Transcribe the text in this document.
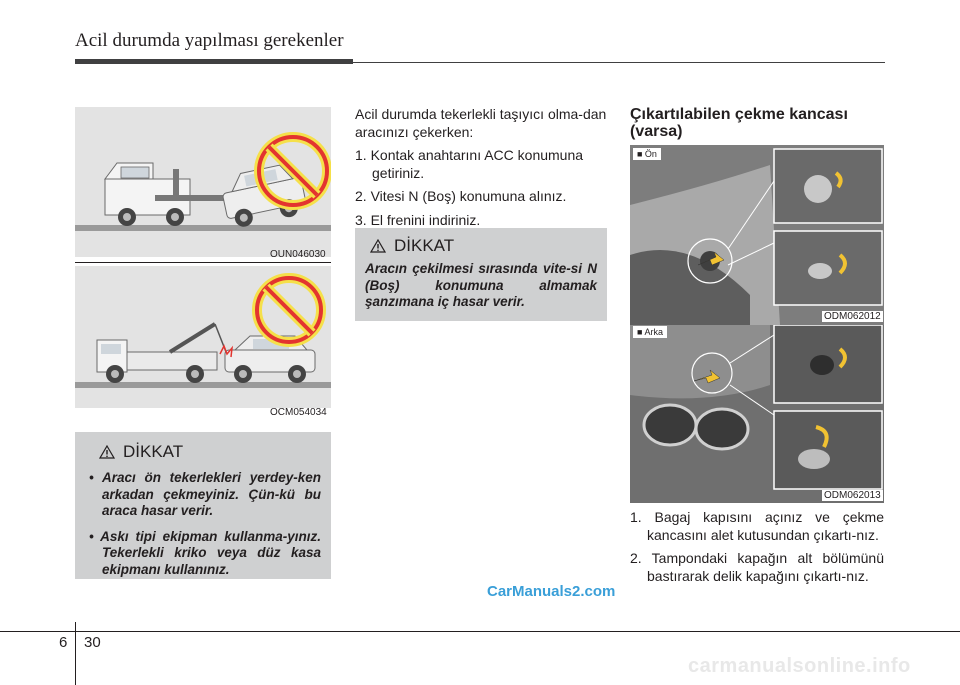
Acil durumda yapılması gerekenler
OUN046030
OCM054034
DİKKAT
• Aracı ön tekerlekleri yerdey-ken arkadan çekmeyiniz. Çün-kü bu araca hasar verir.
• Askı tipi ekipman kullanma-yınız. Tekerlekli kriko veya düz kasa ekipmanı kullanınız.

Acil durumda tekerlekli taşıyıcı olma-dan aracınızı çekerken:

1. Kontak anahtarını ACC konumuna getiriniz.
2. Vitesi N (Boş) konumuna alınız.
3. El frenini indiriniz.
DİKKAT
Aracın çekilmesi sırasında vite-si N (Boş) konumuna almamak şanzımana iç hasar verir.
Çıkartılabilen çekme kancası (varsa)
■ Ön
ODM062012
■ Arka
ODM062013
1. Bagaj kapısını açınız ve çekme kancasını alet kutusundan çıkartı-nız.
2. Tampondaki kapağın alt bölümünü bastırarak delik kapağını çıkartı-nız.
CarManuals2.com
6 30
carmanualsonline.info
